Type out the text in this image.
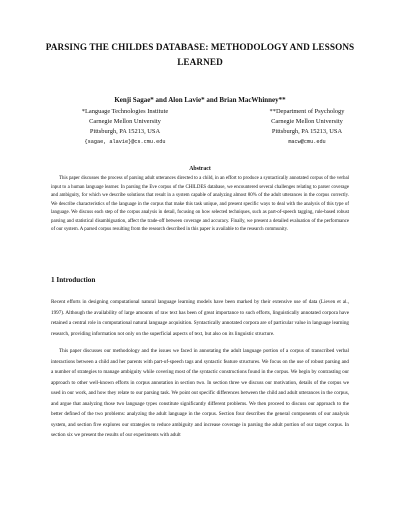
PARSING THE CHILDES DATABASE: METHODOLOGY AND LESSONS LEARNED
Kenji Sagae* and Alon Lavie* and Brian MacWhinney**
*Language Technologies Institute
Carnegie Mellon University
Pittsburgh, PA 15213, USA
{sagae, alavie}@cs.cmu.edu
**Department of Psychology
Carnegie Mellon University
Pittsburgh, PA 15213, USA
macw@cmu.edu
Abstract
This paper discusses the process of parsing adult utterances directed to a child, in an effort to produce a syntactically annotated corpus of the verbal input to a human language learner. In parsing the Eve corpus of the CHILDES database, we encountered several challenges relating to parser coverage and ambiguity, for which we describe solutions that result in a system capable of analyzing almost 80% of the adult utterances in the corpus correctly. We describe characteristics of the language in the corpus that make this task unique, and present specific ways to deal with the analysis of this type of language. We discuss each step of the corpus analysis in detail, focusing on how selected techniques, such as part-of-speech tagging, rule-based robust parsing and statistical disambiguation, affect the trade-off between coverage and accuracy. Finally, we present a detailed evaluation of the performance of our system. A parsed corpus resulting from the research described in this paper is available to the research community.
1 Introduction
Recent efforts in designing computational natural language learning models have been marked by their extensive use of data (Lieven et al., 1997). Although the availability of large amounts of raw text has been of great importance to such efforts, linguistically annotated corpora have retained a central role in computational natural language acquisition. Syntactically annotated corpora are of particular value in language learning research, providing information not only on the superficial aspects of text, but also on its linguistic structure.
This paper discusses our methodology and the issues we faced in annotating the adult language portion of a corpus of transcribed verbal interactions between a child and her parents with part-of-speech tags and syntactic feature structures. We focus on the use of robust parsing and a number of strategies to manage ambiguity while covering most of the syntactic constructions found in the corpus. We begin by contrasting our approach to other well-known efforts in corpus annotation in section two. In section three we discuss our motivation, details of the corpus we used in our work, and how they relate to our parsing task. We point out specific differences between the child and adult utterances in the corpus, and argue that analyzing those two language types constitute significantly different problems. We then proceed to discuss our approach to the better defined of the two problems: analyzing the adult language in the corpus. Section four describes the general components of our analysis system, and section five explores our strategies to reduce ambiguity and increase coverage in parsing the adult portion of our target corpus. In section six we present the results of our experiments with adult
